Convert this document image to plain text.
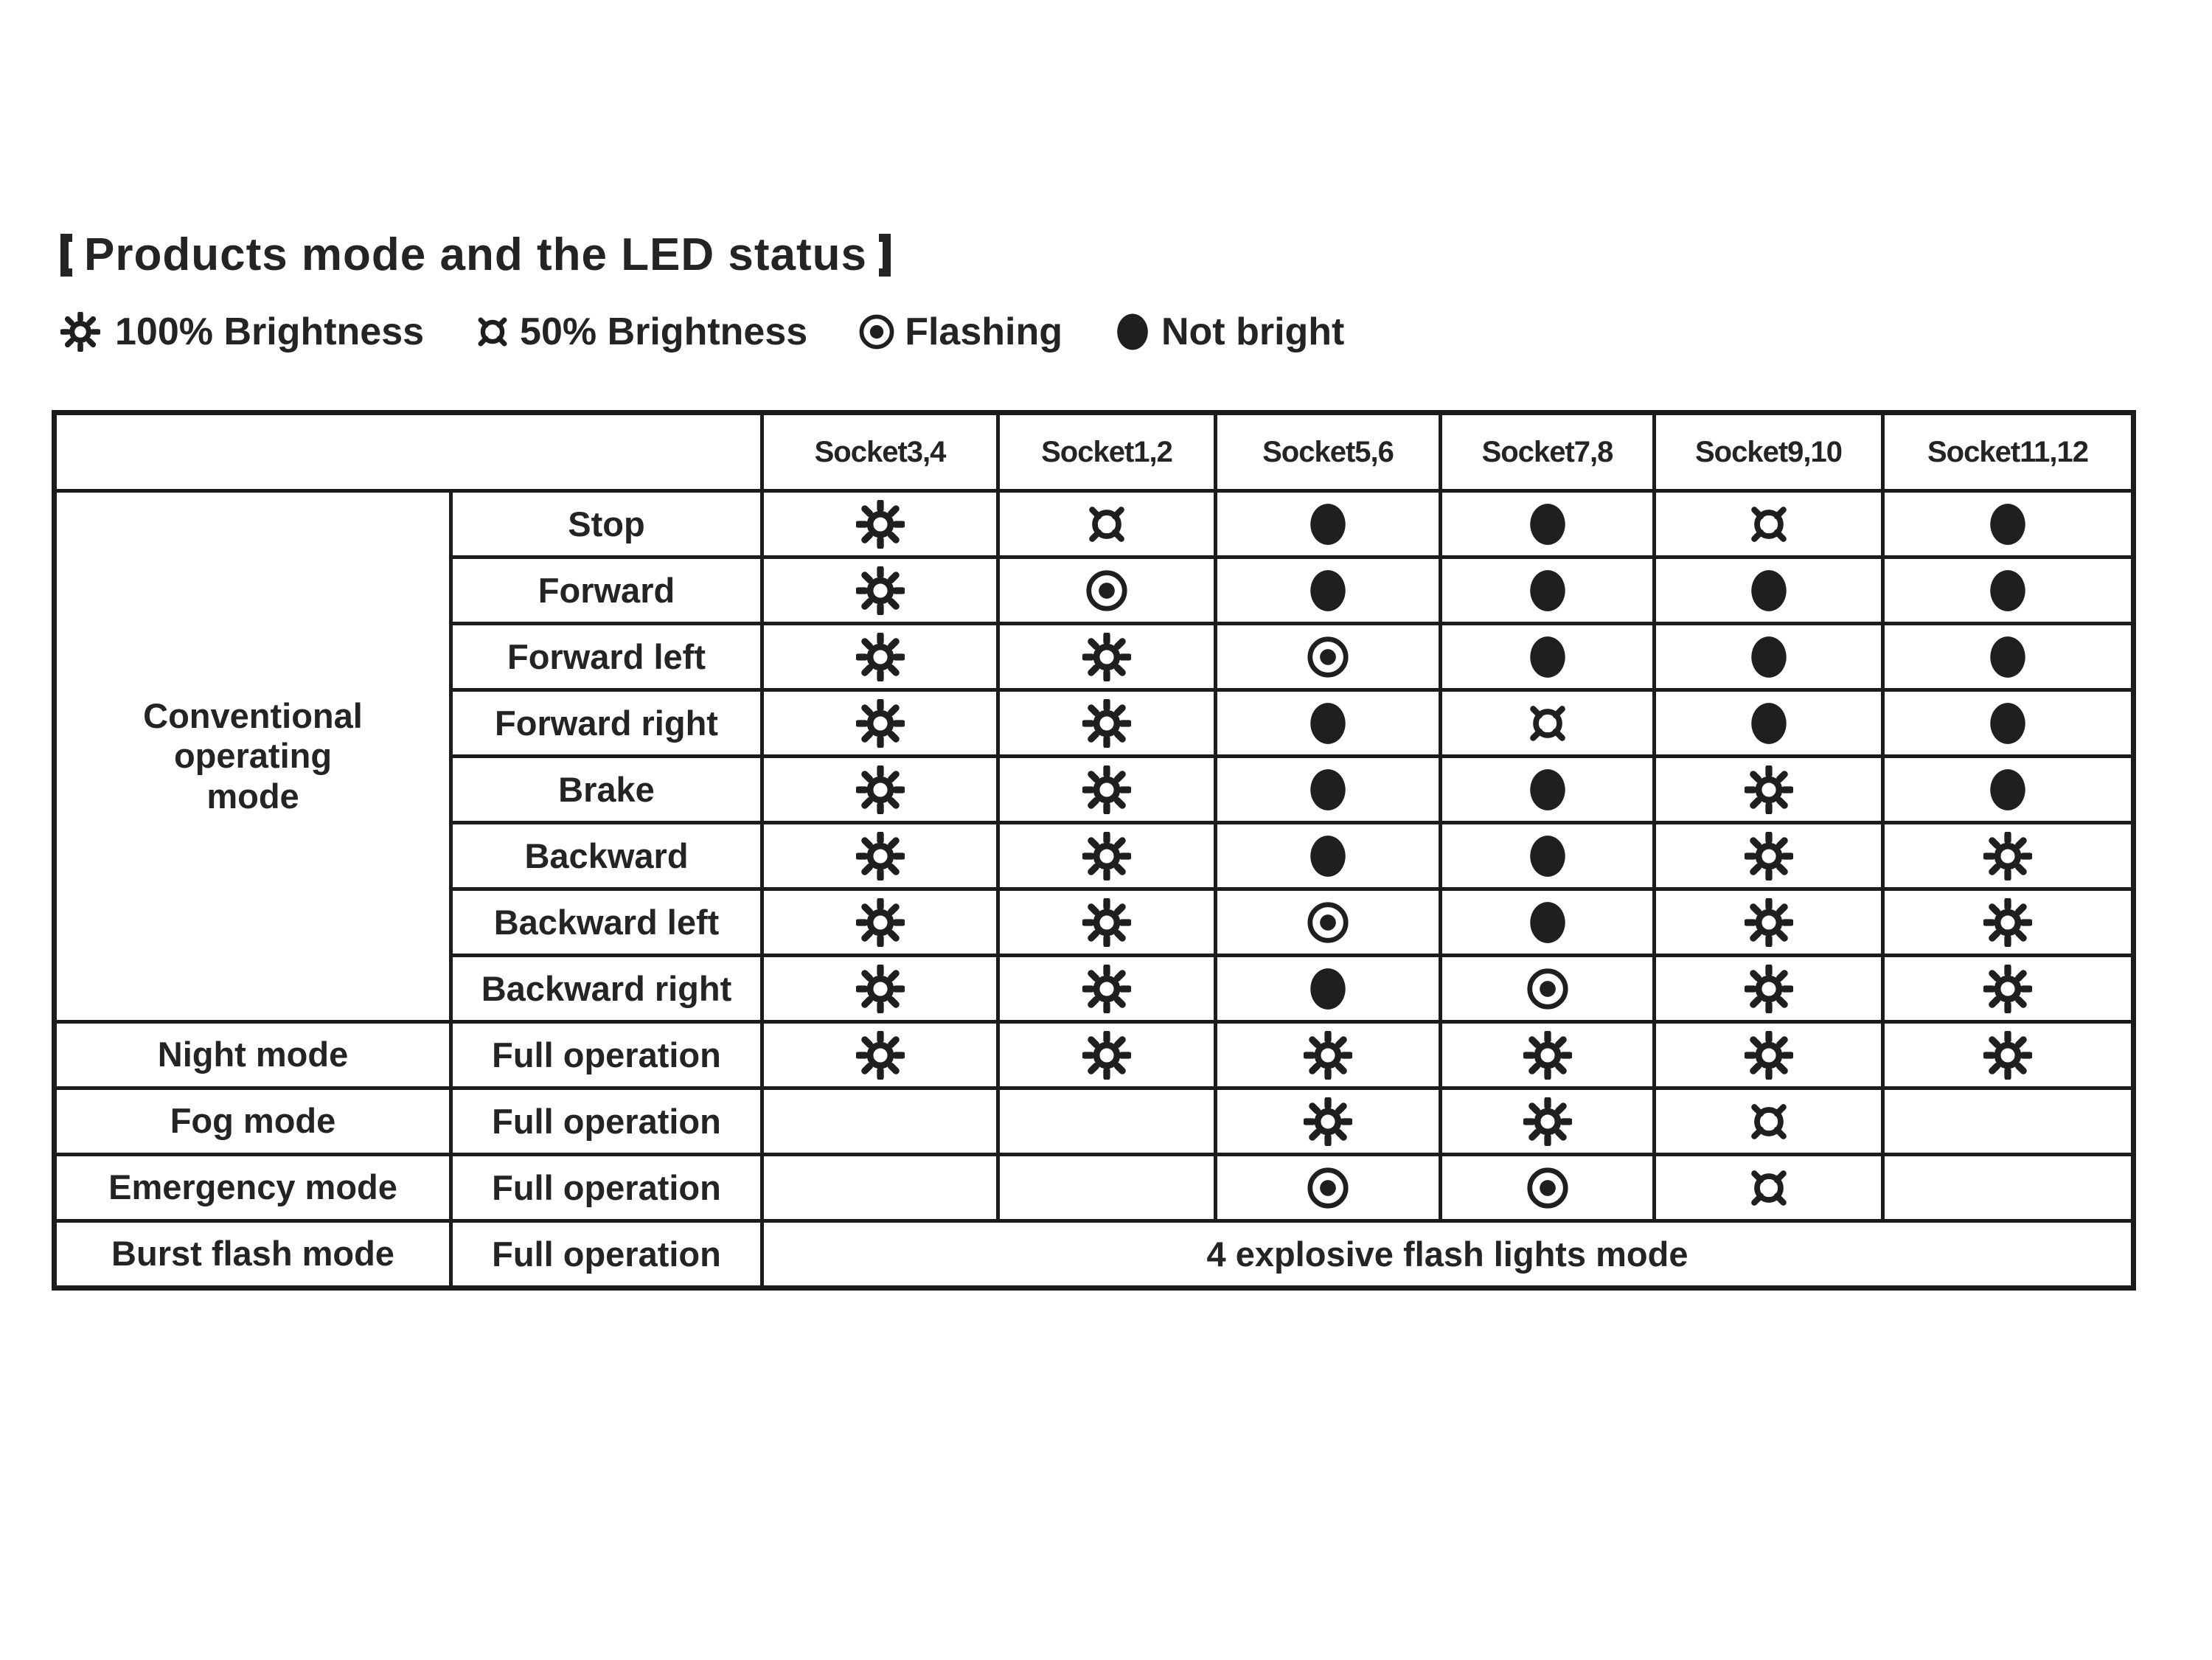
Products mode and the LED status
100% Brightness	50% Brightness	Flashing	Not bright
		Socket3,4	Socket1,2	Socket5,6	Socket7,8	Socket9,10	Socket11,12
Conventional
operating
mode	Stop						
	Forward						
	Forward left						
	Forward right						
	Brake						
	Backward						
	Backward left						
	Backward right						
Night mode	Full operation						
Fog mode	Full operation						
Emergency mode	Full operation						
Burst flash mode	Full operation	4 explosive flash lights mode					
